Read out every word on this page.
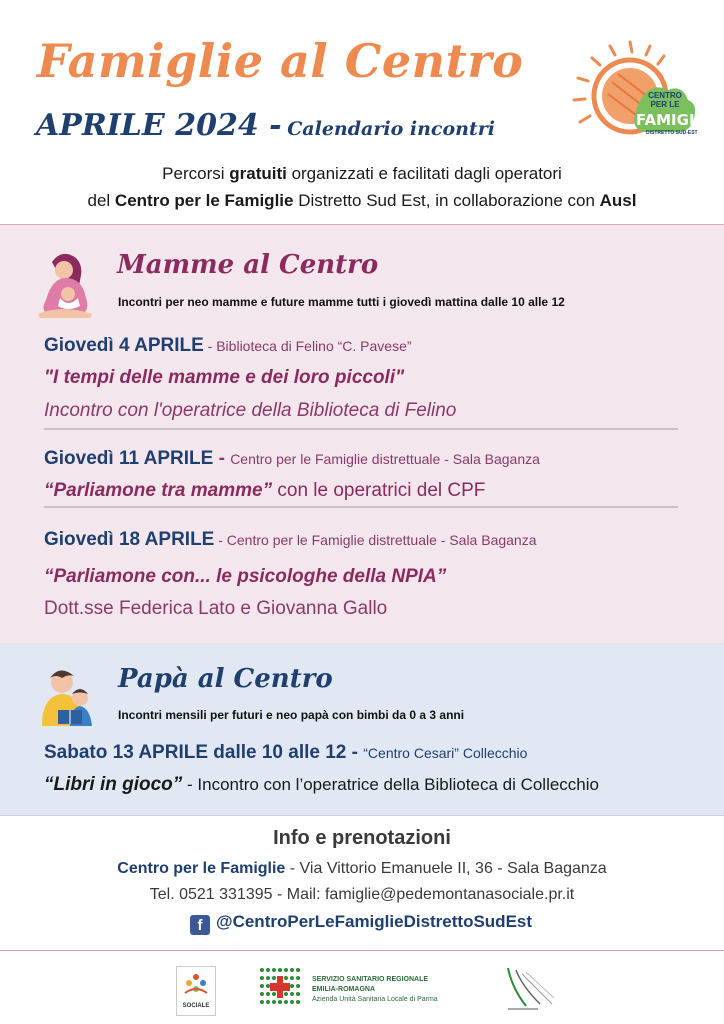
Famiglie al Centro
APRILE 2024 - Calendario incontri
CENTRO
PER LE
FAMIGLIE
DISTRETTO SUD-EST
Percorsi gratuiti organizzati e facilitati dagli operatori
del Centro per le Famiglie Distretto Sud Est, in collaborazione con Ausl
Mamme al Centro
Incontri per neo mamme e future mamme tutti i giovedì mattina dalle 10 alle 12
Giovedì 4 APRILE - Biblioteca di Felino “C. Pavese”
"I tempi delle mamme e dei loro piccoli"
Incontro con l'operatrice della Biblioteca di Felino
Giovedì 11 APRILE - Centro per le Famiglie distrettuale - Sala Baganza
“Parliamone tra mamme” con le operatrici del CPF
Giovedì 18 APRILE - Centro per le Famiglie distrettuale - Sala Baganza
“Parliamone con... le psicologhe della NPIA”
Dott.sse Federica Lato e Giovanna Gallo
Papà al Centro
Incontri mensili per futuri e neo papà con bimbi da 0 a 3 anni
Sabato 13 APRILE dalle 10 alle 12 - “Centro Cesari” Collecchio
“Libri in gioco” - Incontro con l’operatrice della Biblioteca di Collecchio
Info e prenotazioni
Centro per le Famiglie - Via Vittorio Emanuele II, 36 - Sala Baganza
Tel. 0521 331395 - Mail: famiglie@pedemontanasociale.pr.it
f @CentroPerLeFamiglieDistrettoSudEst
SOCIALE
SERVIZIO SANITARIO REGIONALE
EMILIA-ROMAGNA
Azienda Unità Sanitaria Locale di Parma
